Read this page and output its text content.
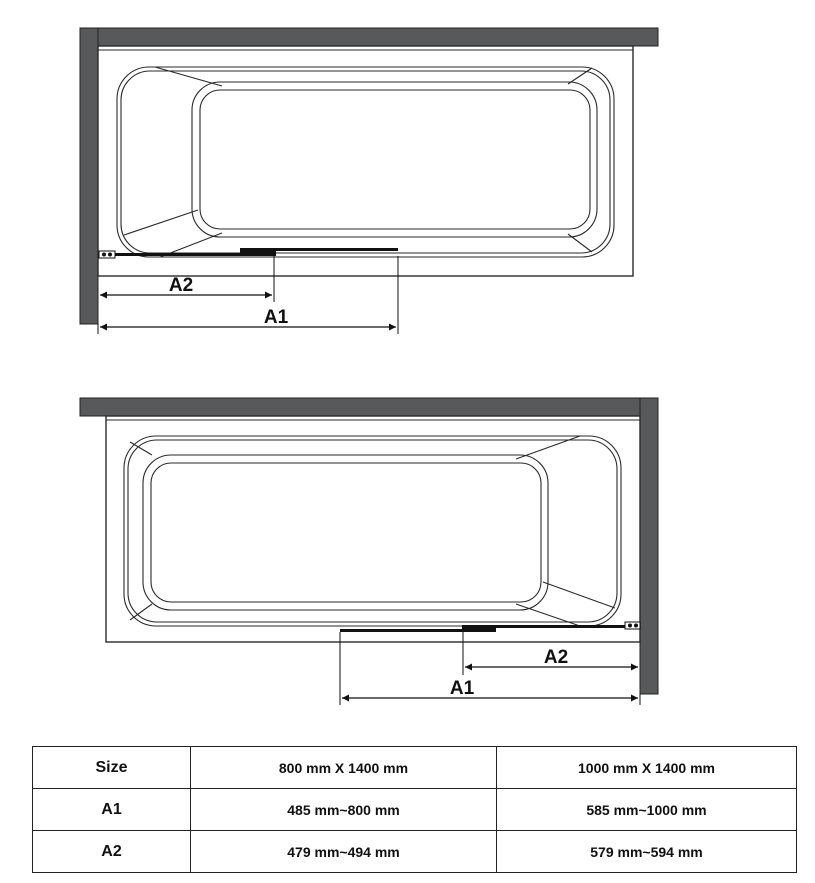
A2
A1
A2
A1
Size	800 mm X 1400 mm	1000 mm X 1400 mm
A1	485 mm~800 mm	585 mm~1000 mm
A2	479 mm~494 mm	579 mm~594 mm
